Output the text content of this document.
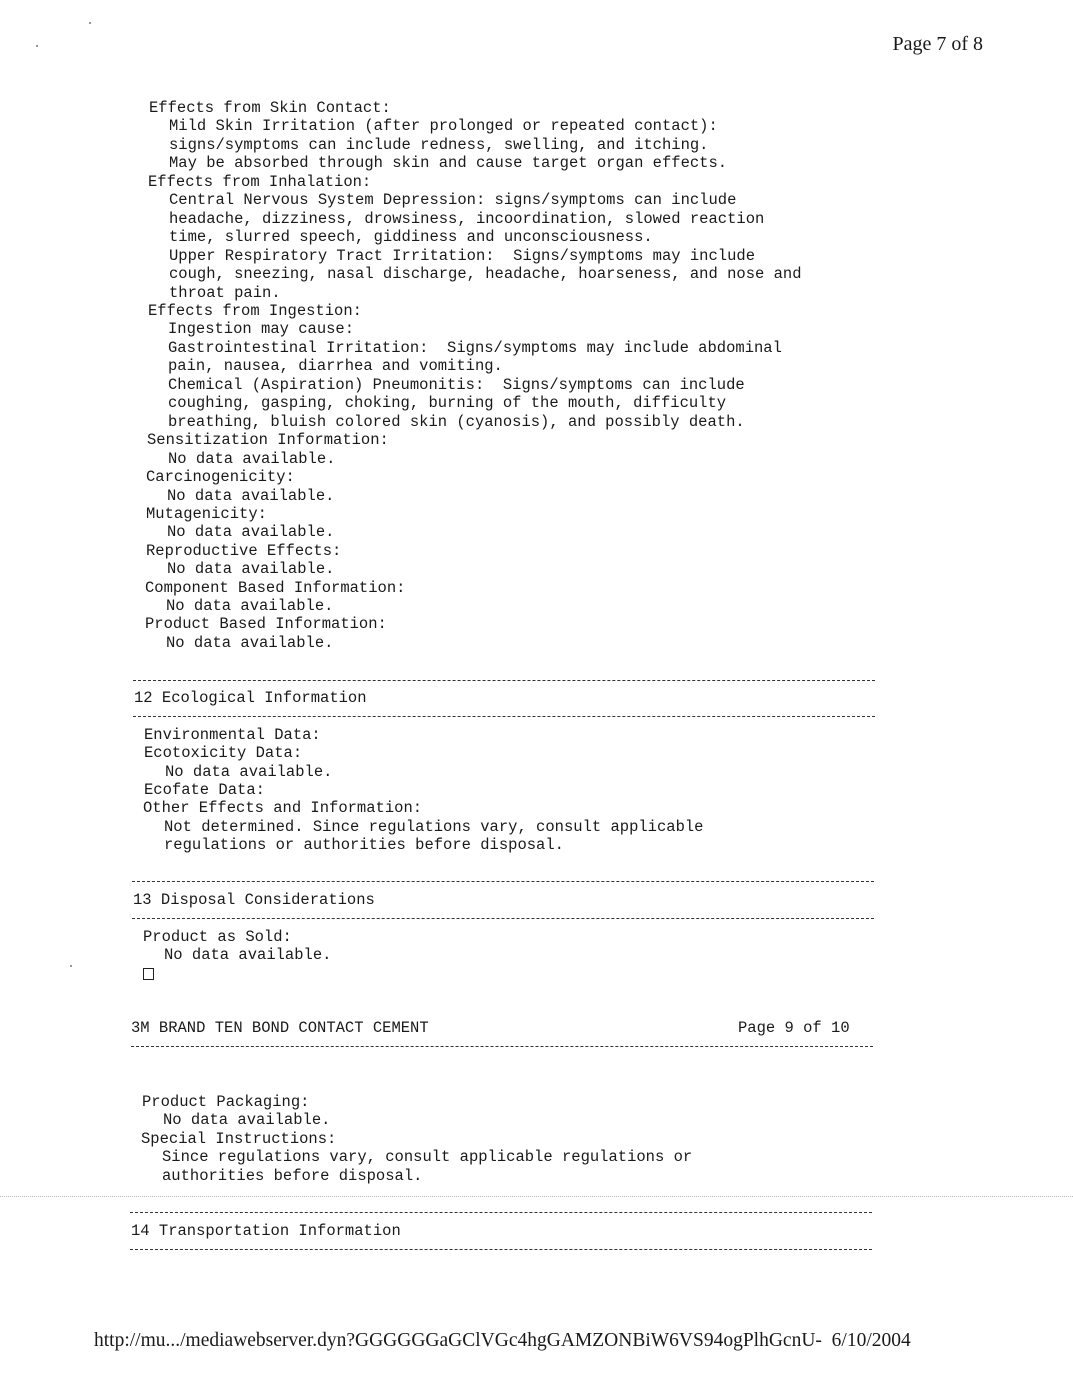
Page 7 of 8
Effects from Skin Contact:
Mild Skin Irritation (after prolonged or repeated contact):
signs/symptoms can include redness, swelling, and itching.
May be absorbed through skin and cause target organ effects.
Effects from Inhalation:
Central Nervous System Depression: signs/symptoms can include
headache, dizziness, drowsiness, incoordination, slowed reaction
time, slurred speech, giddiness and unconsciousness.
Upper Respiratory Tract Irritation:  Signs/symptoms may include
cough, sneezing, nasal discharge, headache, hoarseness, and nose and
throat pain.
Effects from Ingestion:
Ingestion may cause:
Gastrointestinal Irritation:  Signs/symptoms may include abdominal
pain, nausea, diarrhea and vomiting.
Chemical (Aspiration) Pneumonitis:  Signs/symptoms can include
coughing, gasping, choking, burning of the mouth, difficulty
breathing, bluish colored skin (cyanosis), and possibly death.
Sensitization Information:
No data available.
Carcinogenicity:
No data available.
Mutagenicity:
No data available.
Reproductive Effects:
No data available.
Component Based Information:
No data available.
Product Based Information:
No data available.
12 Ecological Information
Environmental Data:
Ecotoxicity Data:
No data available.
Ecofate Data:
Other Effects and Information:
Not determined. Since regulations vary, consult applicable
regulations or authorities before disposal.
13 Disposal Considerations
Product as Sold:
No data available.
3M BRAND TEN BOND CONTACT CEMENT	Page 9 of 10
Product Packaging:
No data available.
Special Instructions:
Since regulations vary, consult applicable regulations or
authorities before disposal.
14 Transportation Information
http://mu.../mediawebserver.dyn?GGGGGGaGClVGc4hgGAMZONBiW6VS94ogPlhGcnU- 6/10/2004
